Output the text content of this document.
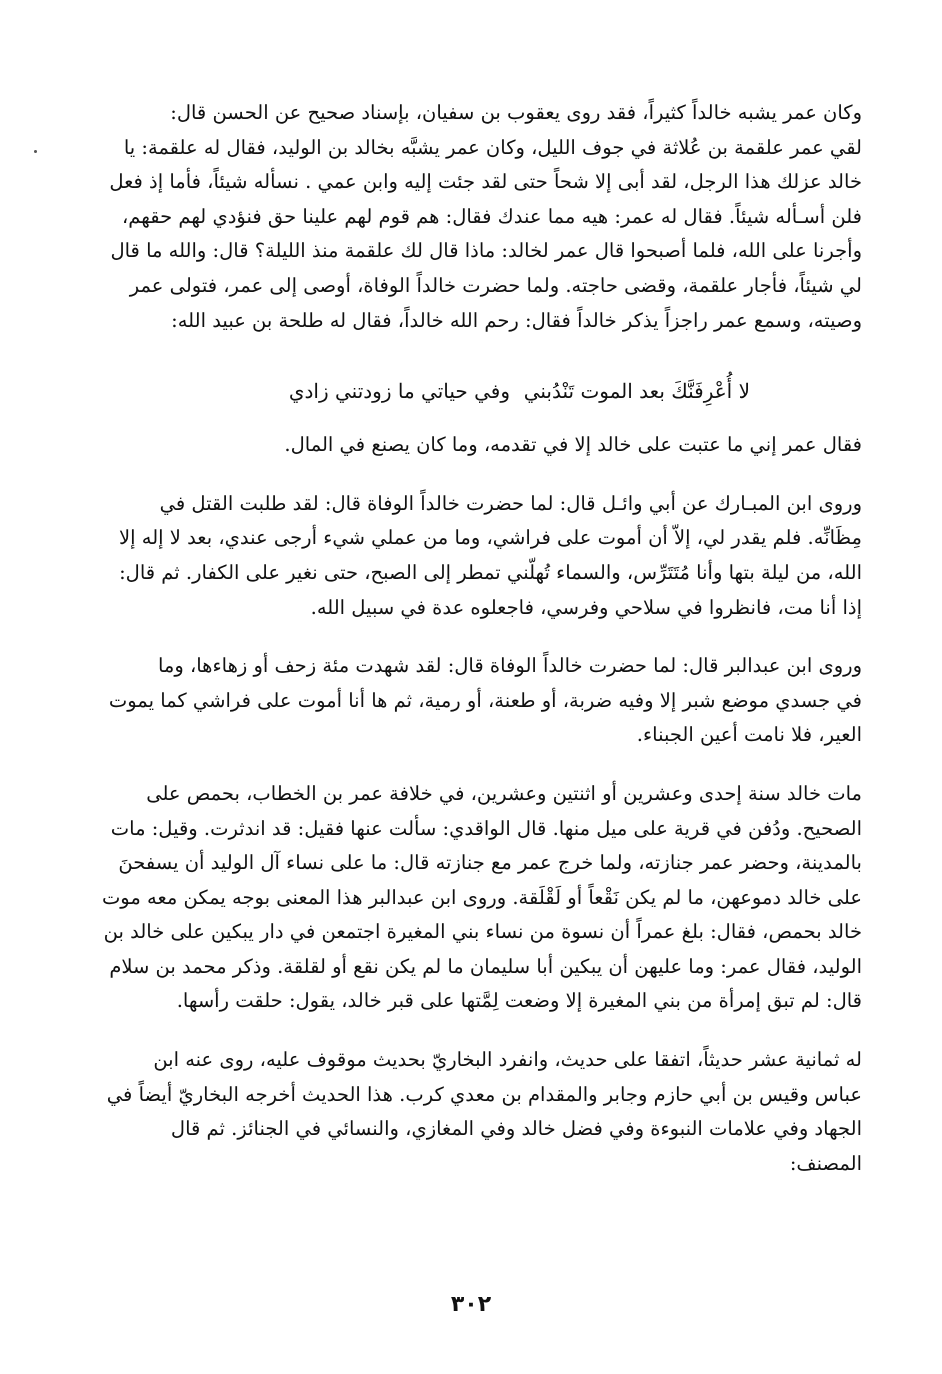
وكان عمر يشبه خالداً كثيراً، فقد روى يعقوب بن سفيان، بإسناد صحيح عن الحسن قال:
لقي عمر علقمة بن عُلاثة في جوف الليل، وكان عمر يشبَّه بخالد بن الوليد، فقال له علقمة: يا
خالد عزلك هذا الرجل، لقد أبى إلا شحاً حتى لقد جئت إليه وابن عمي . نسأله شيئاً، فأما إذ فعل
فلن أسـأله شيئاً. فقال له عمر: هيه مما عندك فقال: هم قوم لهم علينا حق فنؤدي لهم حقهم،
وأجرنا على الله، فلما أصبحوا قال عمر لخالد: ماذا قال لك علقمة منذ الليلة؟ قال: والله ما قال
لي شيئاً، فأجار علقمة، وقضى حاجته. ولما حضرت خالداً الوفاة، أوصى إلى عمر، فتولى عمر
وصيته، وسمع عمر راجزاً يذكر خالداً فقال: رحم الله خالداً، فقال له طلحة بن عبيد الله:

لا أُعْرِفَنَّكَ بعد الموت تَنْدُبني
وفي حياتي ما زودتني زادي

فقال عمر إني ما عتبت على خالد إلا في تقدمه، وما كان يصنع في المال.

وروى ابن المبـارك عن أبي وائـل قال: لما حضرت خالداً الوفاة قال: لقد طلبت القتل في
مِظَانِّه. فلم يقدر لي، إلاّ أن أموت على فراشي، وما من عملي شيء أرجى عندي، بعد لا إله إلا
الله، من ليلة بتها وأنا مُتَتَرِّس، والسماء تُهلّني تمطر إلى الصبح، حتى نغير على الكفار. ثم قال:
إذا أنا مت، فانظروا في سلاحي وفرسي، فاجعلوه عدة في سبيل الله.

وروى ابن عبدالبر قال: لما حضرت خالداً الوفاة قال: لقد شهدت مئة زحف أو زهاءها، وما
في جسدي موضع شبر إلا وفيه ضربة، أو طعنة، أو رمية، ثم ها أنا أموت على فراشي كما يموت
العير، فلا نامت أعين الجبناء.

مات خالد سنة إحدى وعشرين أو اثنتين وعشرين، في خلافة عمر بن الخطاب، بحمص على
الصحيح. ودُفن في قرية على ميل منها. قال الواقدي: سألت عنها فقيل: قد اندثرت. وقيل: مات
بالمدينة، وحضر عمر جنازته، ولما خرج عمر مع جنازته قال: ما على نساء آل الوليد أن يسفحنَ
على خالد دموعهن، ما لم يكن نَقْعاً أو لَقْلَقة. وروى ابن عبدالبر هذا المعنى بوجه يمكن معه موت
خالد بحمص، فقال: بلغ عمراً أن نسوة من نساء بني المغيرة اجتمعن في دار يبكين على خالد بن
الوليد، فقال عمر: وما عليهن أن يبكين أبا سليمان ما لم يكن نقع أو لقلقة. وذكر محمد بن سلام
قال: لم تبق إمرأة من بني المغيرة إلا وضعت لِمَّتها على قبر خالد، يقول: حلقت رأسها.

له ثمانية عشر حديثاً، اتفقا على حديث، وانفرد البخاريّ بحديث موقوف عليه، روى عنه ابن
عباس وقيس بن أبي حازم وجابر والمقدام بن معدي كرب. هذا الحديث أخرجه البخاريّ أيضاً في
الجهاد وفي علامات النبوءة وفي فضل خالد وفي المغازي، والنسائي في الجنائز. ثم قال
المصنف:

٣٠٢
